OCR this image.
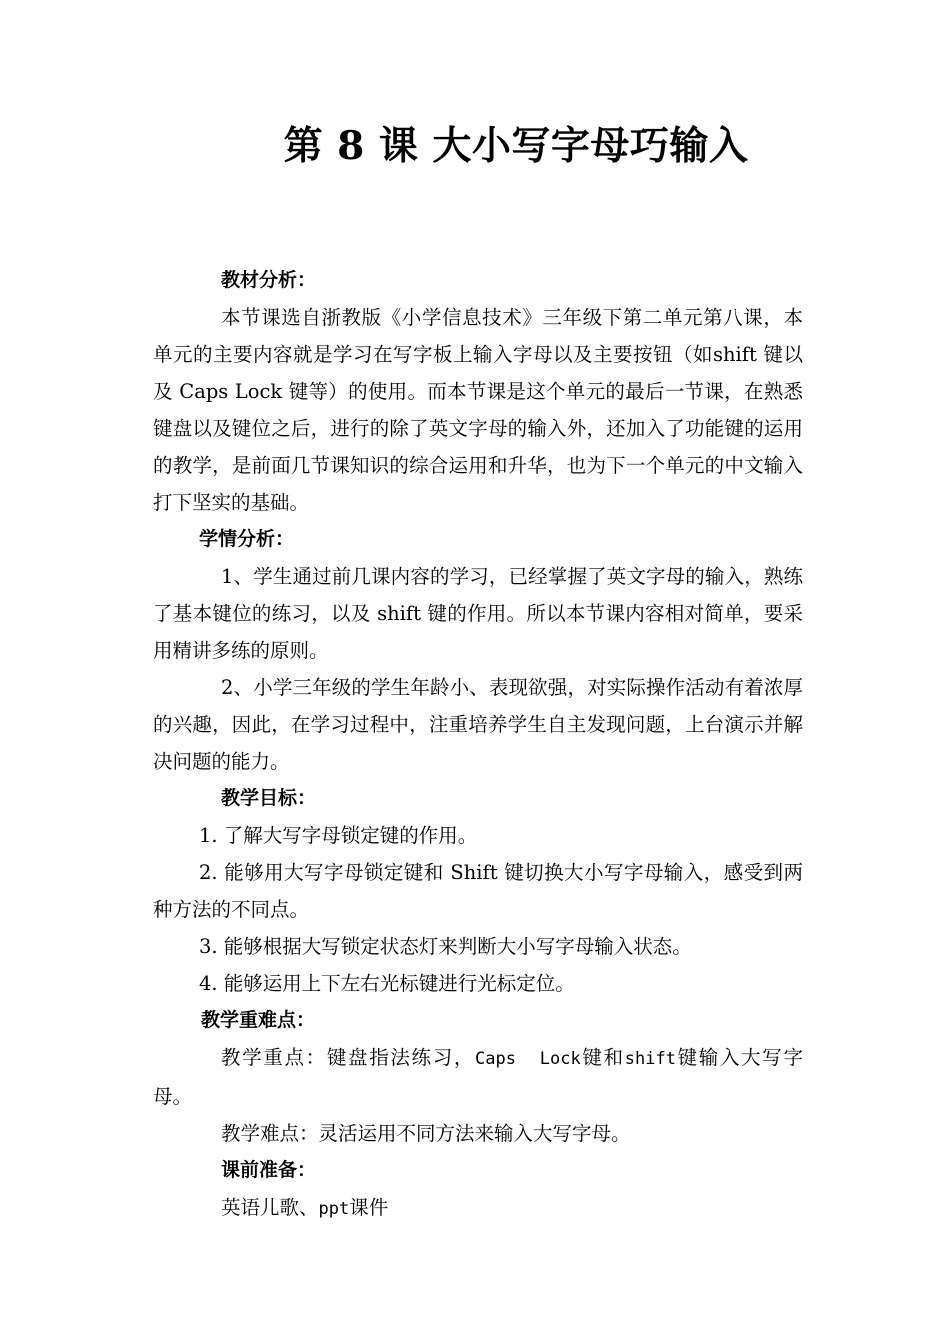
第 8 课 大小写字母巧输入

教材分析：

本节课选自浙教版《小学信息技术》三年级下第二单元第八课，本单元的主要内容就是学习在写字板上输入字母以及主要按钮（如shift 键以及 Caps Lock 键等）的使用。而本节课是这个单元的最后一节课，在熟悉键盘以及键位之后，进行的除了英文字母的输入外，还加入了功能键的运用的教学，是前面几节课知识的综合运用和升华，也为下一个单元的中文输入打下坚实的基础。

学情分析：

1、学生通过前几课内容的学习，已经掌握了英文字母的输入，熟练了基本键位的练习，以及 shift 键的作用。所以本节课内容相对简单，要采用精讲多练的原则。

2、小学三年级的学生年龄小、表现欲强，对实际操作活动有着浓厚的兴趣，因此，在学习过程中，注重培养学生自主发现问题，上台演示并解决问题的能力。

教学目标：

1. 了解大写字母锁定键的作用。

2. 能够用大写字母锁定键和 Shift 键切换大小写字母输入，感受到两种方法的不同点。

3. 能够根据大写锁定状态灯来判断大小写字母输入状态。

4. 能够运用上下左右光标键进行光标定位。

教学重难点：

教学重点：键盘指法练习，Caps  Lock键和shift键输入大写字母。

教学难点：灵活运用不同方法来输入大写字母。

课前准备：

英语儿歌、ppt课件
